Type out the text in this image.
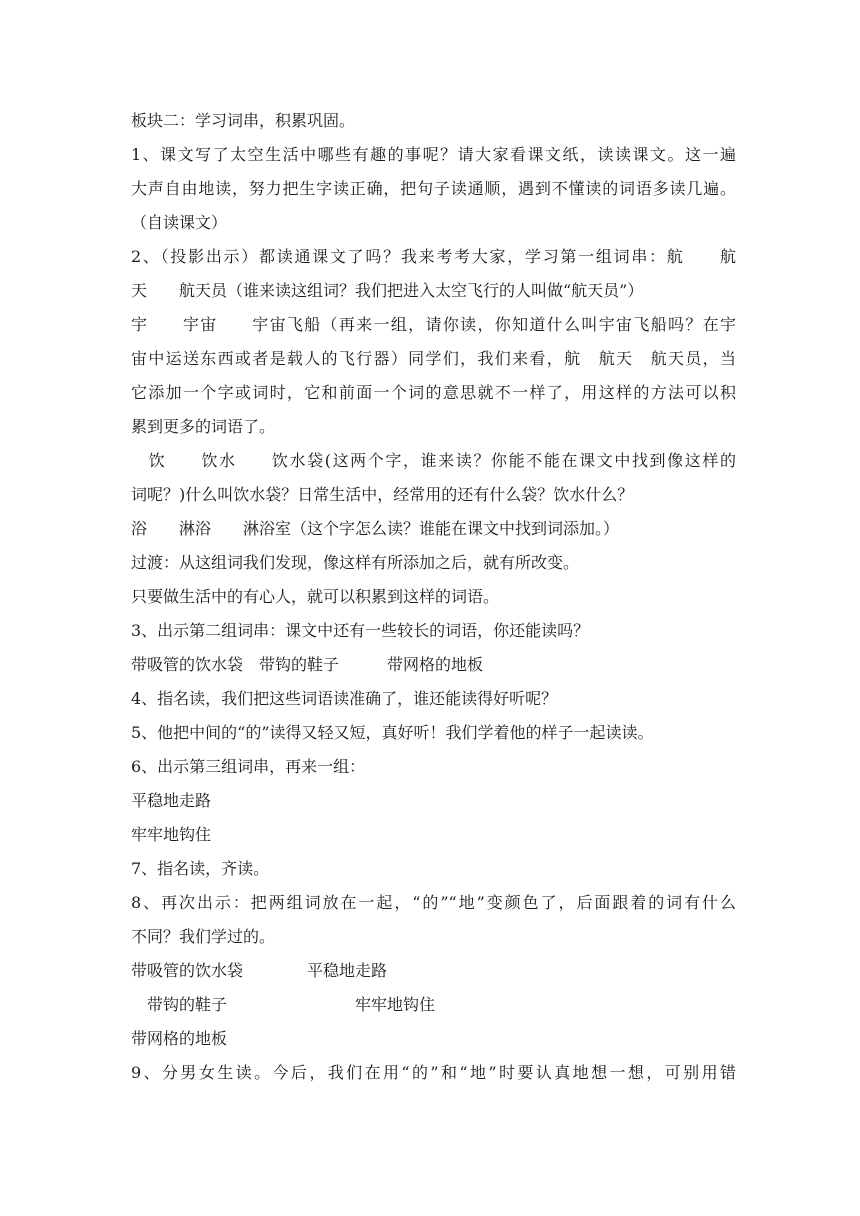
板块二：学习词串，积累巩固。
1、课文写了太空生活中哪些有趣的事呢？请大家看课文纸，读读课文。这一遍
大声自由地读，努力把生字读正确，把句子读通顺，遇到不懂读的词语多读几遍。
（自读课文）
2、（投影出示）都读通课文了吗？我来考考大家，学习第一组词串：航　　航
天　　航天员（谁来读这组词？我们把进入太空飞行的人叫做“航天员”）
宇　　宇宙　　宇宙飞船（再来一组，请你读，你知道什么叫宇宙飞船吗？在宇
宙中运送东西或者是载人的飞行器）同学们，我们来看，航　航天　航天员，当
它添加一个字或词时，它和前面一个词的意思就不一样了，用这样的方法可以积
累到更多的词语了。
　饮　　饮水　　饮水袋(这两个字，谁来读？你能不能在课文中找到像这样的
词呢？)什么叫饮水袋？日常生活中，经常用的还有什么袋？饮水什么？
浴　　淋浴　　淋浴室（这个字怎么读？谁能在课文中找到词添加。）
过渡：从这组词我们发现，像这样有所添加之后，就有所改变。
只要做生活中的有心人，就可以积累到这样的词语。
3、出示第二组词串：课文中还有一些较长的词语，你还能读吗？
带吸管的饮水袋　带钩的鞋子　　　带网格的地板
4、指名读，我们把这些词语读准确了，谁还能读得好听呢？
5、他把中间的“的”读得又轻又短，真好听！我们学着他的样子一起读读。
6、出示第三组词串，再来一组：
平稳地走路
牢牢地钩住
7、指名读，齐读。
8、再次出示：把两组词放在一起，“的”“地”变颜色了，后面跟着的词有什么
不同？我们学过的。
带吸管的饮水袋　　　　平稳地走路
　带钩的鞋子　　　　　　　　牢牢地钩住
带网格的地板
9、分男女生读。今后，我们在用“的”和“地”时要认真地想一想，可别用错
